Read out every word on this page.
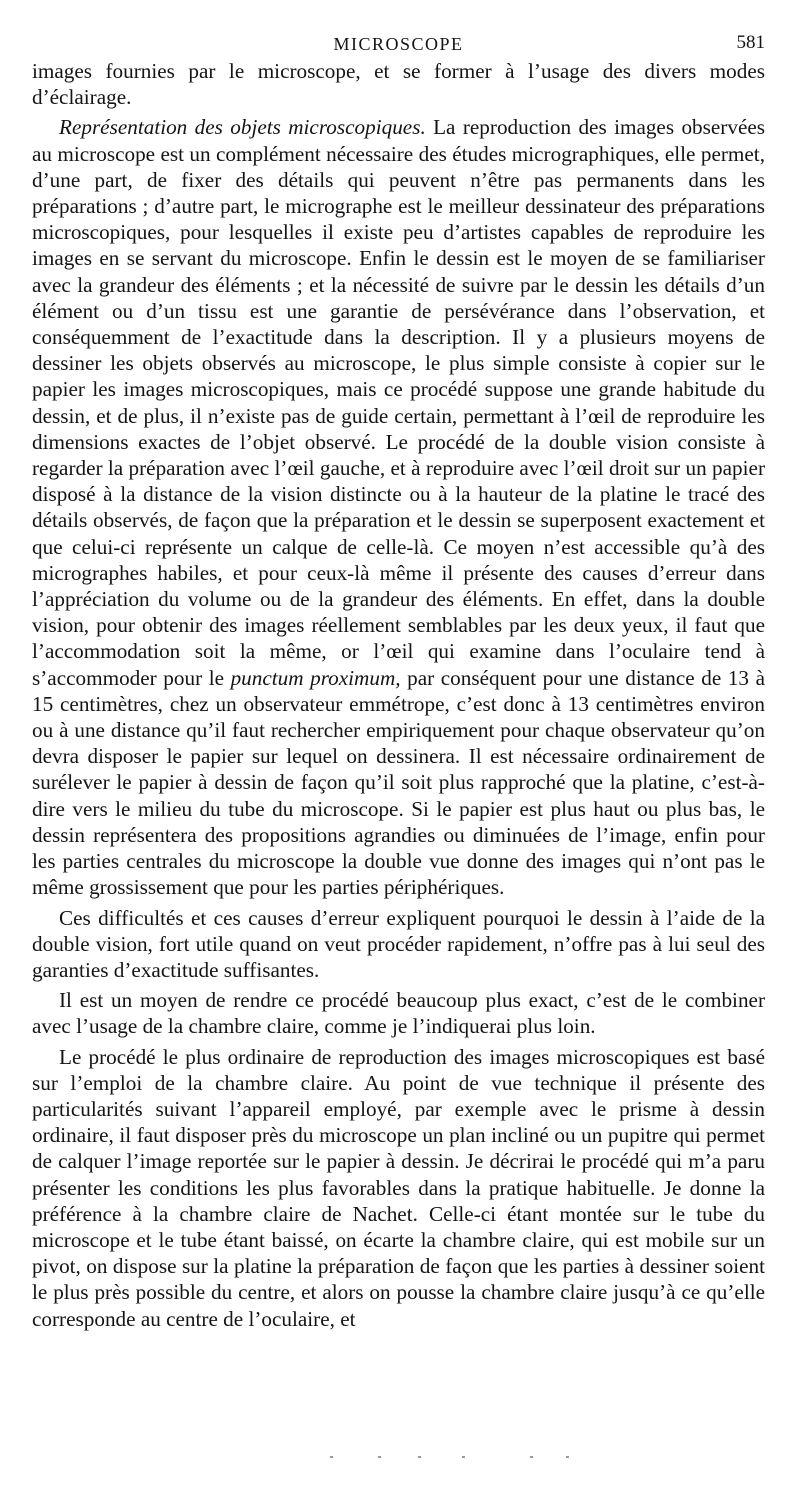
MICROSCOPE	581

images fournies par le microscope, et se former à l’usage des divers modes d’éclairage.

Représentation des objets microscopiques. La reproduction des images observées au microscope est un complément nécessaire des études micrographiques, elle permet, d’une part, de fixer des détails qui peuvent n’être pas permanents dans les préparations ; d’autre part, le micrographe est le meilleur dessinateur des préparations microscopiques, pour lesquelles il existe peu d’artistes capables de reproduire les images en se servant du microscope. Enfin le dessin est le moyen de se familiariser avec la grandeur des éléments ; et la nécessité de suivre par le dessin les détails d’un élément ou d’un tissu est une garantie de persévérance dans l’observation, et conséquemment de l’exactitude dans la description. Il y a plusieurs moyens de dessiner les objets observés au microscope, le plus simple consiste à copier sur le papier les images microscopiques, mais ce procédé suppose une grande habitude du dessin, et de plus, il n’existe pas de guide certain, permettant à l’œil de reproduire les dimensions exactes de l’objet observé. Le procédé de la double vision consiste à regarder la préparation avec l’œil gauche, et à reproduire avec l’œil droit sur un papier disposé à la distance de la vision distincte ou à la hauteur de la platine le tracé des détails observés, de façon que la préparation et le dessin se superposent exactement et que celui-ci représente un calque de celle-là. Ce moyen n’est accessible qu’à des micrographes habiles, et pour ceux-là même il présente des causes d’erreur dans l’appréciation du volume ou de la grandeur des éléments. En effet, dans la double vision, pour obtenir des images réellement semblables par les deux yeux, il faut que l’accommodation soit la même, or l’œil qui examine dans l’oculaire tend à s’accommoder pour le punctum proximum, par conséquent pour une distance de 13 à 15 centimètres, chez un observateur emmétrope, c’est donc à 13 centimètres environ ou à une distance qu’il faut rechercher empiriquement pour chaque observateur qu’on devra disposer le papier sur lequel on dessinera. Il est nécessaire ordinairement de surélever le papier à dessin de façon qu’il soit plus rapproché que la platine, c’est-à-dire vers le milieu du tube du microscope. Si le papier est plus haut ou plus bas, le dessin représentera des propositions agrandies ou diminuées de l’image, enfin pour les parties centrales du microscope la double vue donne des images qui n’ont pas le même grossissement que pour les parties périphériques.

Ces difficultés et ces causes d’erreur expliquent pourquoi le dessin à l’aide de la double vision, fort utile quand on veut procéder rapidement, n’offre pas à lui seul des garanties d’exactitude suffisantes.

Il est un moyen de rendre ce procédé beaucoup plus exact, c’est de le combiner avec l’usage de la chambre claire, comme je l’indiquerai plus loin.

Le procédé le plus ordinaire de reproduction des images microscopiques est basé sur l’emploi de la chambre claire. Au point de vue technique il présente des particularités suivant l’appareil employé, par exemple avec le prisme à dessin ordinaire, il faut disposer près du microscope un plan incliné ou un pupitre qui permet de calquer l’image reportée sur le papier à dessin. Je décrirai le procédé qui m’a paru présenter les conditions les plus favorables dans la pratique habituelle. Je donne la préférence à la chambre claire de Nachet. Celle-ci étant montée sur le tube du microscope et le tube étant baissé, on écarte la chambre claire, qui est mobile sur un pivot, on dispose sur la platine la préparation de façon que les parties à dessiner soient le plus près possible du centre, et alors on pousse la chambre claire jusqu’à ce qu’elle corresponde au centre de l’oculaire, et
